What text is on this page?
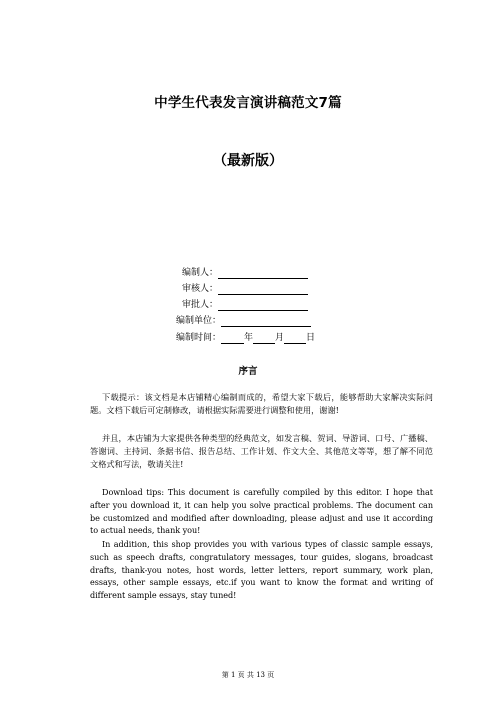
中学生代表发言演讲稿范文7篇
（最新版）
编制人：
审核人：
审批人：
编制单位：
编制时间：	年 月 日
序言
下载提示：该文档是本店铺精心编制而成的，希望大家下载后，能够帮助大家解决实际问题。文档下载后可定制修改，请根据实际需要进行调整和使用，谢谢!
并且，本店铺为大家提供各种类型的经典范文，如发言稿、贺词、导游词、口号、广播稿、答谢词、主持词、条据书信、报告总结、工作计划、作文大全、其他范文等等，想了解不同范文格式和写法，敬请关注!
Download tips: This document is carefully compiled by this editor. I hope that after you download it, it can help you solve practical problems. The document can be customized and modified after downloading, please adjust and use it according to actual needs, thank you!
In addition, this shop provides you with various types of classic sample essays, such as speech drafts, congratulatory messages, tour guides, slogans, broadcast drafts, thank-you notes, host words, letter letters, report summary, work plan, essays, other sample essays, etc.if you want to know the format and writing of different sample essays, stay tuned!
第 1 页 共 13 页
